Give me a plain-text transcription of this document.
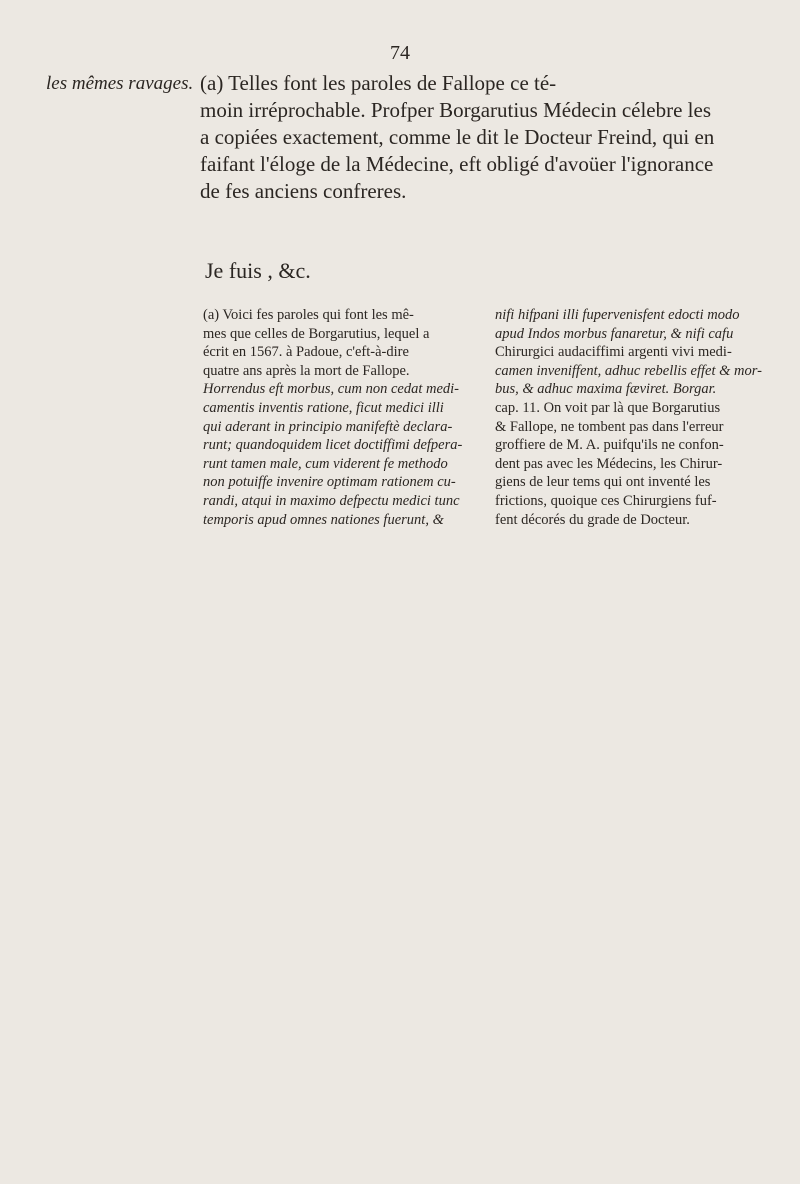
74
les mêmes ravages. (a) Telles font les paroles de Fallope ce té-
moin irréprochable. Profper Borgarutius Médecin célebre les
a copiées exactement, comme le dit le Docteur Freind, qui en
faifant l'éloge de la Médecine, eft obligé d'avoüer l'ignorance
de fes anciens confreres.
Je fuis , &c.
(a) Voici fes paroles qui font les mê-
mes que celles de Borgarutius, lequel a
écrit en 1567. à Padoue, c'eft-à-dire
quatre ans après la mort de Fallope.
Horrendus eft morbus, cum non cedat medi-
camentis inventis ratione, ficut medici illi
qui aderant in principio manifeftè declara-
runt; quandoquidem licet doctiffimi defpera-
runt tamen male, cum viderent fe methodo
non potuiffe invenire optimam rationem cu-
randi, atqui in maximo defpectu medici tunc
temporis apud omnes nationes fuerunt, &
nifi hifpani illi fupervenisfent edocti modo
apud Indos morbus fanaretur, & nifi cafu
Chirurgici audaciffimi argenti vivi medi-
camen inveniffent, adhuc rebellis effet & mor-
bus, & adhuc maxima fæviret. Borgar.
cap. 11. On voit par là que Borgarutius
& Fallope, ne tombent pas dans l'erreur
groffiere de M. A. puifqu'ils ne confon-
dent pas avec les Médecins, les Chirur-
giens de leur tems qui ont inventé les
frictions, quoique ces Chirurgiens fuf-
fent décorés du grade de Docteur.
